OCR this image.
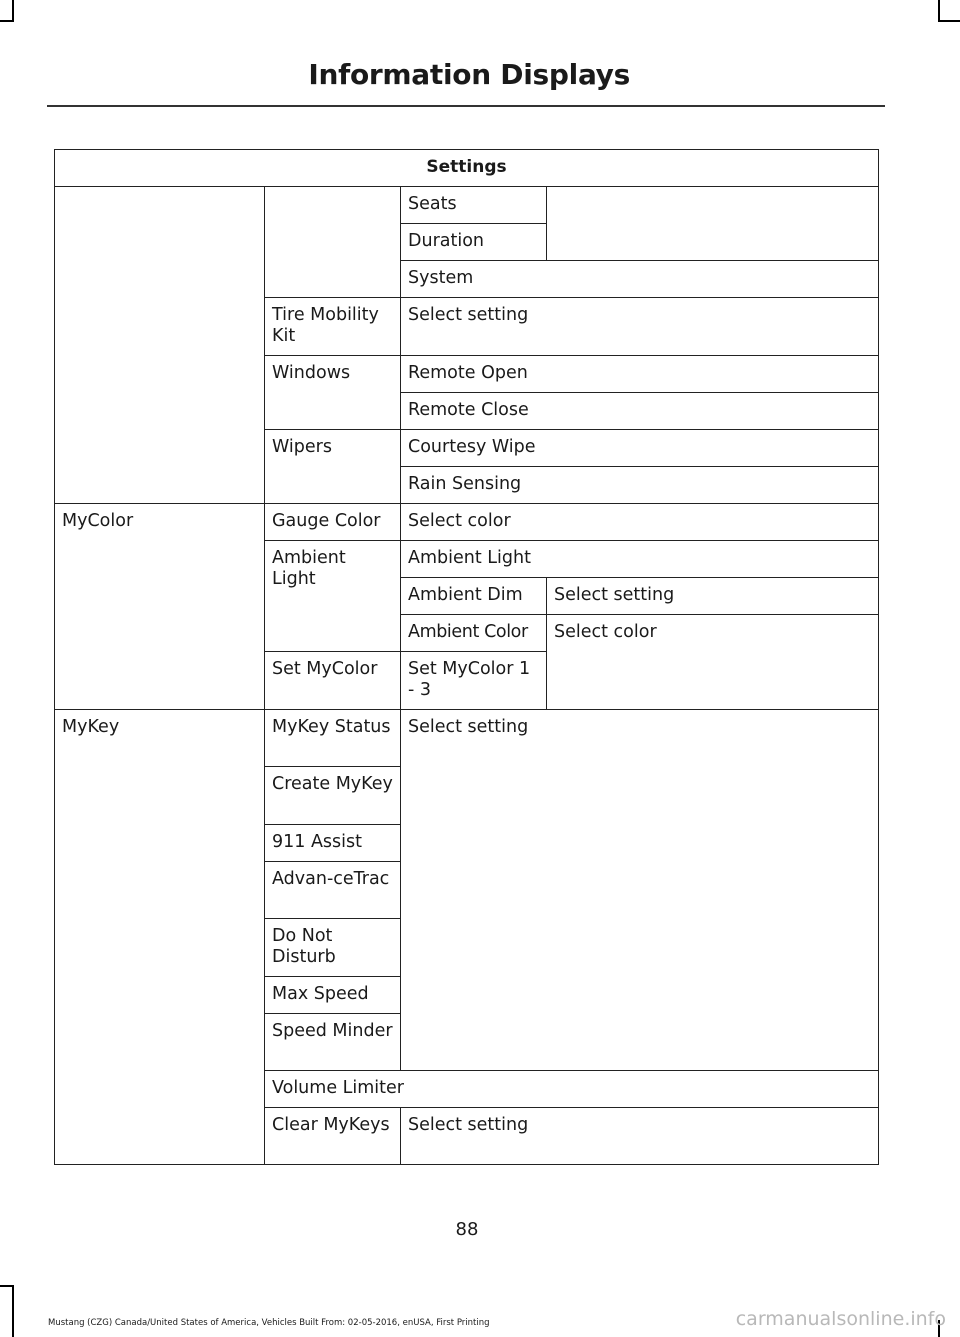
Information Displays
Settings			
		Seats	
		Duration	
		System	
	Tire Mobility Kit	Select setting	
	Windows	Remote Open	
		Remote Close	
	Wipers	Courtesy Wipe	
		Rain Sensing	
MyColor	Gauge Color	Select color	
	Ambient Light	Ambient Light	
		Ambient Dim	Select setting
		Ambient Color	Select color
	Set MyColor	Set MyColor 1 - 3	
MyKey	MyKey Status	Select setting	
	Create MyKey		
	911 Assist		
	Advan-ceTrac		
	Do Not Disturb		
	Max Speed		
	Speed Minder		
	Volume Limiter		
	Clear MyKeys	Select setting	
88
Mustang (CZG) Canada/United States of America, Vehicles Built From: 02-05-2016, enUSA, First Printing	carmanualsonline.info
